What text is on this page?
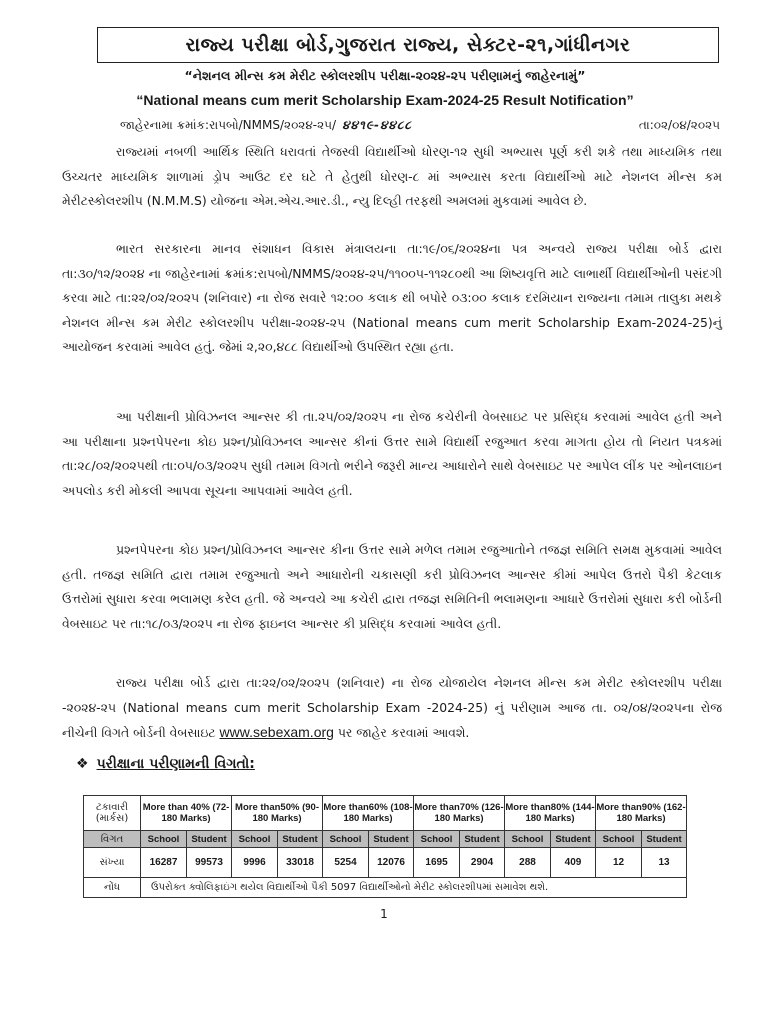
રાજ્ય પરીક્ષા બોર્ડ,ગુજરાત રાજ્ય, સેક્ટર-૨૧,ગાંધીનગર
“નેશનલ મીન્સ કમ મેરીટ સ્કોલરશીપ પરીક્ષા-૨૦૨૪-૨૫ પરીણામનું જાહેરનામું”
“National means cum merit Scholarship Exam-2024-25 Result Notification”
જાહેરનામા ક્રમાંક:રાપબો/NMMS/૨૦૨૪-૨૫/ ૪૪૧૯-૪૪૮૮	તા:૦૨/૦૪/૨૦૨૫

રાજ્યમાં નબળી આર્થિક સ્થિતિ ધરાવતાં તેજસ્વી વિદ્યાર્થીઓ ધોરણ-૧૨ સુધી અભ્યાસ પૂર્ણ કરી શકે તથા માધ્યમિક તથા ઉચ્ચતર માધ્યમિક શાળામાં ડ્રોપ આઉટ દર ઘટે તે હેતુથી ધોરણ-૮ માં અભ્યાસ કરતા વિદ્યાર્થીઓ માટે નેશનલ મીન્સ કમ મેરીટસ્કોલરશીપ (N.M.M.S) યોજના એમ.એચ.આર.ડી., ન્યુ દિલ્હી તરફથી અમલમાં મુકવામાં આવેલ છે.

ભારત સરકારના માનવ સંશાધન વિકાસ મંત્રાલયના તા:૧૯/૦૬/૨૦૨૪ના પત્ર અન્વયે રાજ્ય પરીક્ષા બોર્ડ દ્વારા તા:૩૦/૧૨/૨૦૨૪ ના જાહેરનામાં ક્રમાંક:રાપબો/NMMS/૨૦૨૪-૨૫/૧૧૦૦૫-૧૧૨૮૦થી આ શિષ્યવૃત્તિ માટે લાભાર્થી વિદ્યાર્થીઓની પસંદગી કરવા માટે તા:૨૨/૦૨/૨૦૨૫ (શનિવાર) ના રોજ સવારે ૧૨:૦૦ કલાક થી બપોરે ૦૩:૦૦ કલાક દરમિયાન રાજ્યના તમામ તાલુકા મથકે નેશનલ મીન્સ કમ મેરીટ સ્કોલરશીપ પરીક્ષા-૨૦૨૪-૨૫ (National means cum merit Scholarship Exam-2024-25)નું આયોજન કરવામાં આવેલ હતું. જેમાં ૨,૨૦,૪૮૮ વિદ્યાર્થીઓ ઉપસ્થિત રહ્યા હતા.

આ પરીક્ષાની પ્રોવિઝનલ આન્સર કી તા.૨૫/૦૨/૨૦૨૫ ના રોજ કચેરીની વેબસાઇટ પર પ્રસિદ્ધ કરવામાં આવેલ હતી અને આ પરીક્ષાના પ્રશ્નપેપરના કોઇ પ્રશ્ન/પ્રોવિઝનલ આન્સર કીનાં ઉત્તર સામે વિદ્યાર્થી રજુઆત કરવા માગતા હોય તો નિયત પત્રકમાં તા:૨૮/૦૨/૨૦૨૫થી તા:૦૫/૦૩/૨૦૨૫ સુધી તમામ વિગતો ભરીને જરૂરી માન્ય આધારોને સાથે વેબસાઇટ પર આપેલ લીંક પર ઓનલાઇન અપલોડ કરી મોકલી આપવા સૂચના આપવામાં આવેલ હતી.

પ્રશ્નપેપરના કોઇ પ્રશ્ન/પ્રોવિઝનલ આન્સર કીના ઉત્તર સામે મળેલ તમામ રજુઆતોને તજજ્ઞ સમિતિ સમક્ષ મુકવામાં આવેલ હતી. તજજ્ઞ સમિતિ દ્વારા તમામ રજુઆતો અને આધારોની ચકાસણી કરી પ્રોવિઝનલ આન્સર કીમાં આપેલ ઉત્તરો પૈકી કેટલાક ઉત્તરોમાં સુધારા કરવા ભલામણ કરેલ હતી. જે અન્વયે આ કચેરી દ્વારા તજજ્ઞ સમિતિની ભલામણના આધારે ઉત્તરોમાં સુધારા કરી બોર્ડની વેબસાઇટ પર તા:૧૮/૦૩/૨૦૨૫ ના રોજ ફાઇનલ આન્સર કી પ્રસિદ્ધ કરવામાં આવેલ હતી.

રાજ્ય પરીક્ષા બોર્ડ દ્વારા તા:૨૨/૦૨/૨૦૨૫ (શનિવાર) ના રોજ યોજાયેલ નેશનલ મીન્સ કમ મેરીટ સ્કોલરશીપ પરીક્ષા -૨૦૨૪-૨૫ (National means cum merit Scholarship Exam -2024-25) નું પરીણામ આજ તા. ૦૨/૦૪/૨૦૨૫ના રોજ નીચેની વિગતે બોર્ડની વેબસાઇટ www.sebexam.org પર જાહેર કરવામાં આવશે.

❖ પરીક્ષાના પરીણામની વિગતો:
ટકાવારી (માર્કસ)	More than 40% (72-180 Marks)		More than50% (90-180 Marks)		More than60% (108-180 Marks)		More than70% (126-180 Marks)		More than80% (144-180 Marks)		More than90% (162-180 Marks)	
વિગત	School	Student	School	Student	School	Student	School	Student	School	Student	School	Student
સંખ્યા	16287	99573	9996	33018	5254	12076	1695	2904	288	409	12	13
નોંધ	ઉપરોક્ત ક્વોલિફાઇંગ થયેલ વિદ્યાર્થીઓ પૈકી 5097 વિદ્યાર્થીઓનો મેરીટ સ્કોલરશીપમાં સમાવેશ થશે.											
1
